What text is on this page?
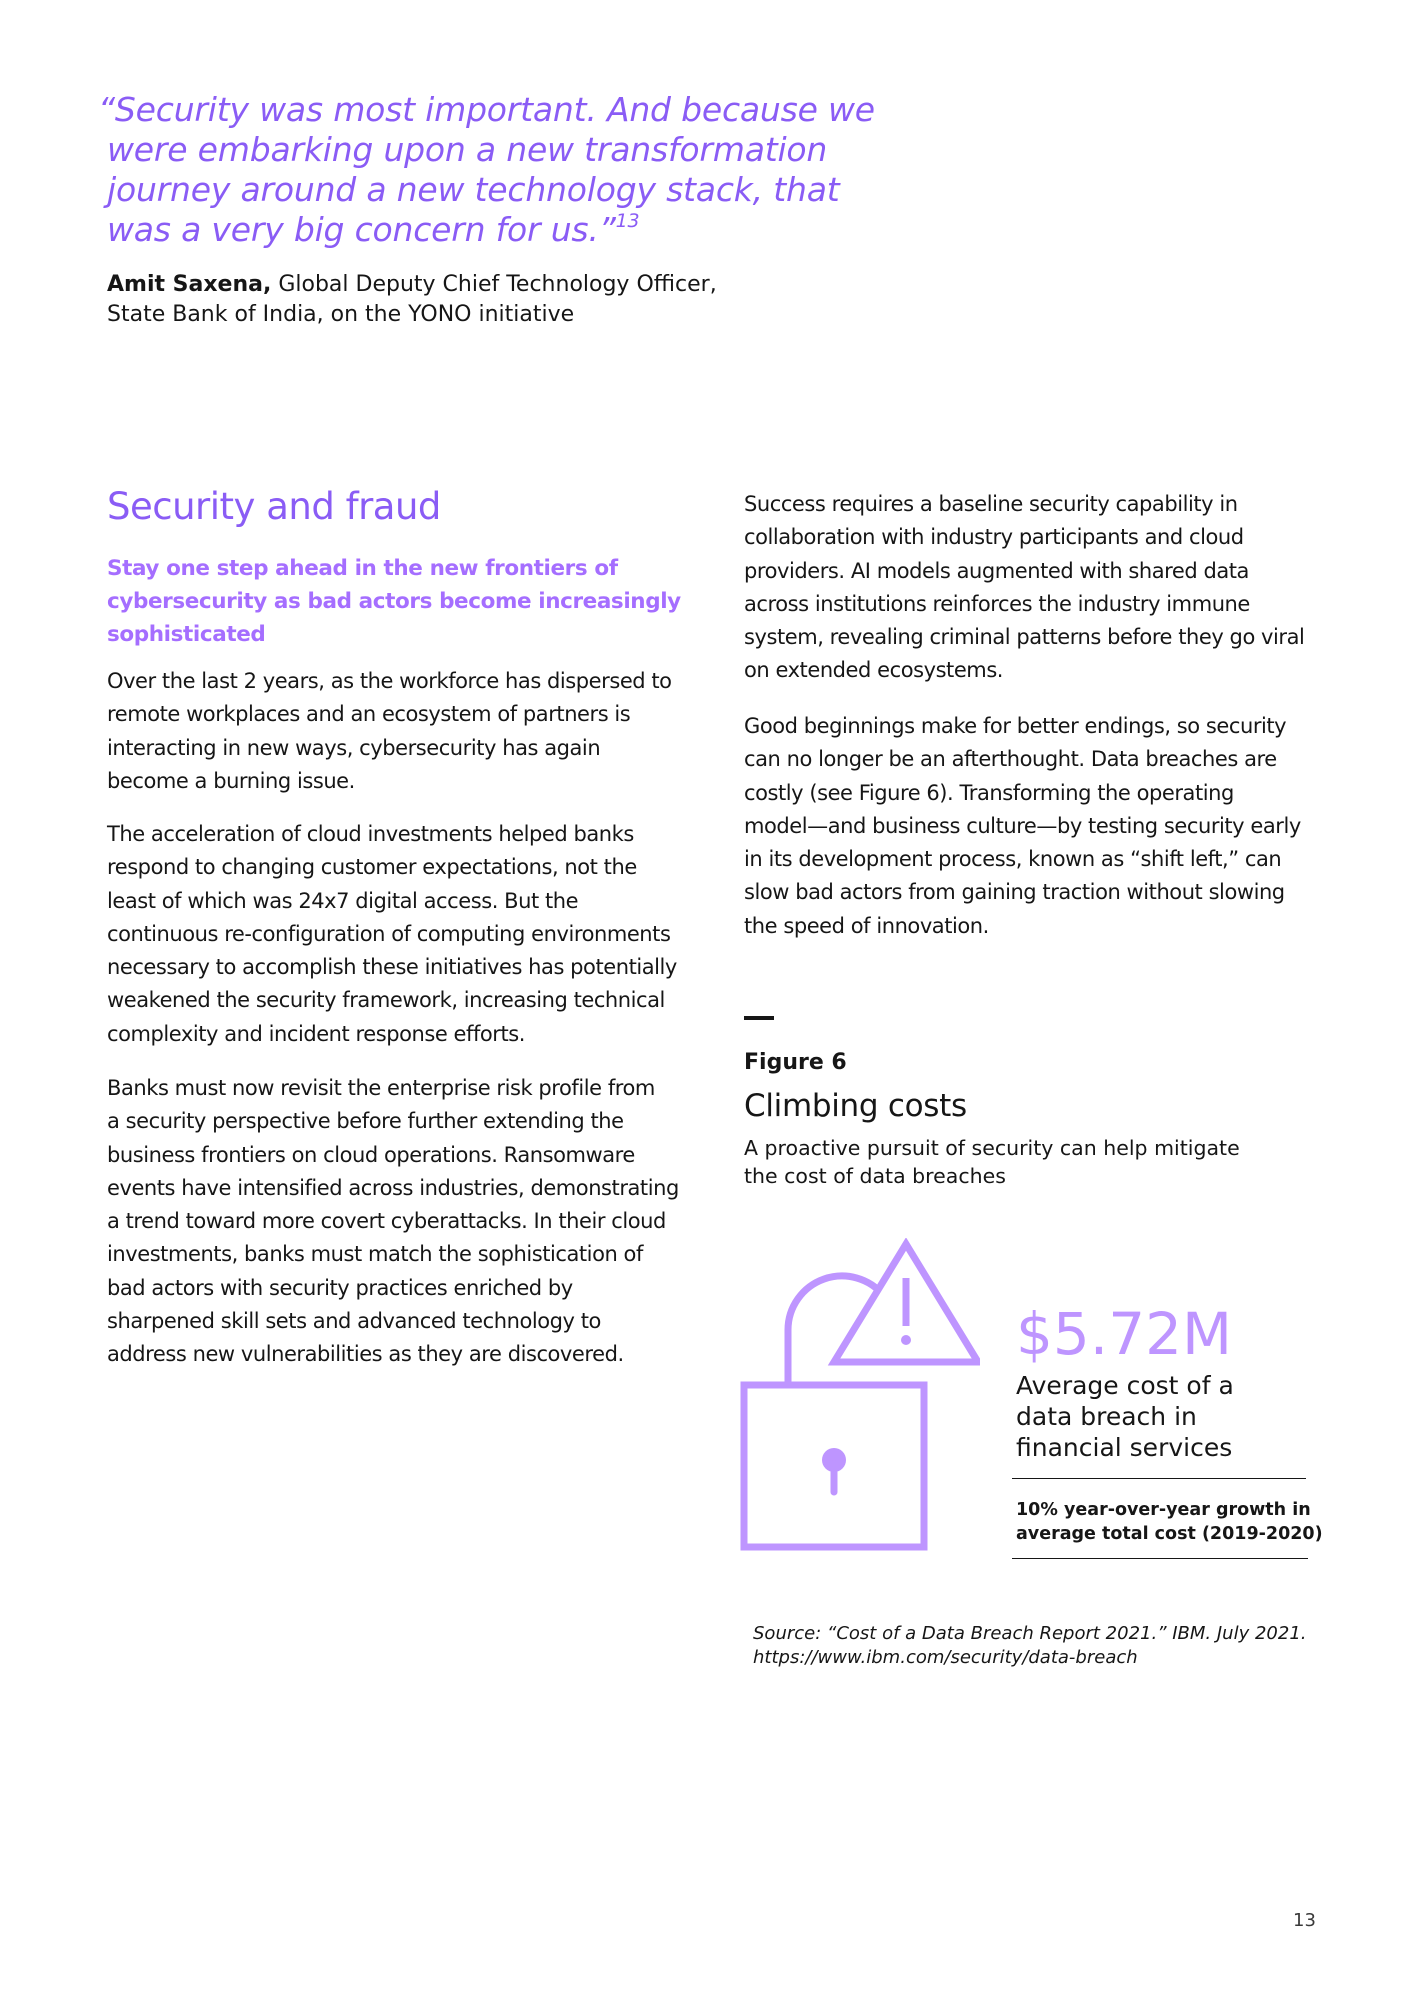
“Security was most important. And because we
were embarking upon a new transformation
journey around a new technology stack, that
was a very big concern for us.”$^{13}$
Amit Saxena, Global Deputy Chief Technology Officer,
State Bank of India, on the YONO initiative
Security and fraud
Stay one step ahead in the new frontiers of
cybersecurity as bad actors become increasingly
sophisticated

Over the last 2 years, as the workforce has dispersed to
remote workplaces and an ecosystem of partners is
interacting in new ways, cybersecurity has again
become a burning issue.

The acceleration of cloud investments helped banks
respond to changing customer expectations, not the
least of which was 24x7 digital access. But the
continuous re-configuration of computing environments
necessary to accomplish these initiatives has potentially
weakened the security framework, increasing technical
complexity and incident response efforts.

Banks must now revisit the enterprise risk profile from
a security perspective before further extending the
business frontiers on cloud operations. Ransomware
events have intensified across industries, demonstrating
a trend toward more covert cyberattacks. In their cloud
investments, banks must match the sophistication of
bad actors with security practices enriched by
sharpened skill sets and advanced technology to
address new vulnerabilities as they are discovered.

Success requires a baseline security capability in
collaboration with industry participants and cloud
providers. AI models augmented with shared data
across institutions reinforces the industry immune
system, revealing criminal patterns before they go viral
on extended ecosystems.

Good beginnings make for better endings, so security
can no longer be an afterthought. Data breaches are
costly (see Figure 6). Transforming the operating
model—and business culture—by testing security early
in its development process, known as “shift left,” can
slow bad actors from gaining traction without slowing
the speed of innovation.

Figure 6
Climbing costs
A proactive pursuit of security can help mitigate
the cost of data breaches
$5.72M
Average cost of a
data breach in
financial services
10% year-over-year growth in
average total cost (2019-2020)
Source: “Cost of a Data Breach Report 2021.” IBM. July 2021.
https://www.ibm.com/security/data-breach
13
